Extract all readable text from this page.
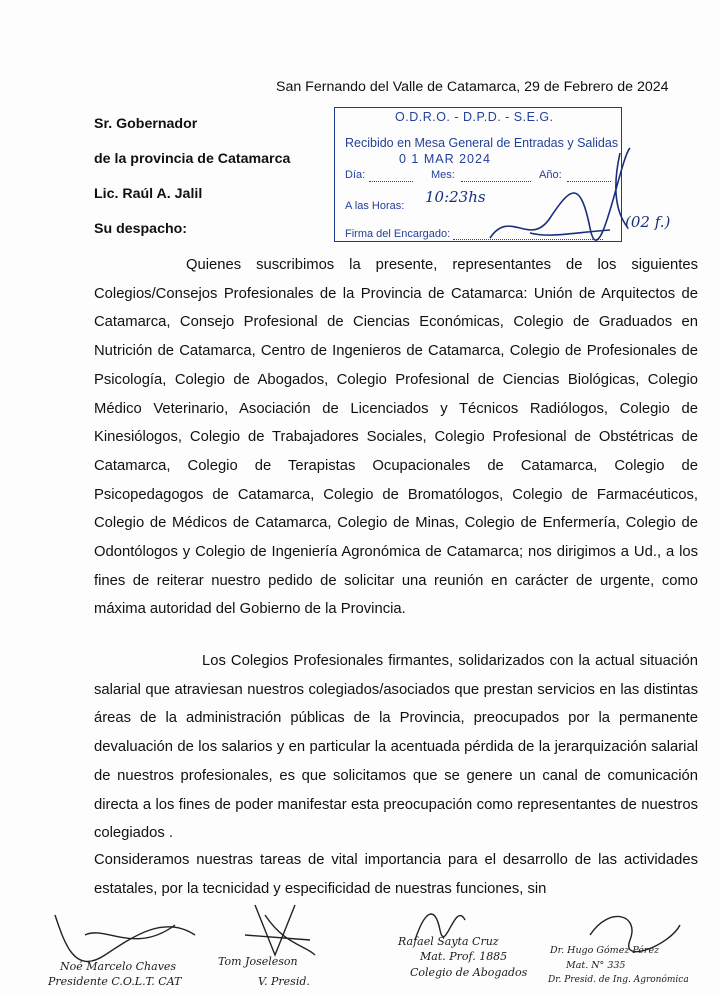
San Fernando del Valle de Catamarca, 29 de Febrero de 2024
Sr. Gobernador
de la provincia de Catamarca
Lic. Raúl A. Jalil
Su despacho:
O.D.R.O. - D.P.D. - S.E.G.
Recibido en Mesa General de Entradas y Salidas
0 1 MAR 2024
Día:	Mes:	Año:
A las Horas: 10:23hs
Firma del Encargado:
(02 f.)
Quienes suscribimos la presente, representantes de los siguientes Colegios/Consejos Profesionales de la Provincia de Catamarca: Unión de Arquitectos de Catamarca, Consejo Profesional de Ciencias Económicas, Colegio de Graduados en Nutrición de Catamarca, Centro de Ingenieros de Catamarca, Colegio de Profesionales de Psicología, Colegio de Abogados, Colegio Profesional de Ciencias Biológicas, Colegio Médico Veterinario, Asociación de Licenciados y Técnicos Radiólogos, Colegio de Kinesiólogos, Colegio de Trabajadores Sociales, Colegio Profesional de Obstétricas de Catamarca, Colegio de Terapistas Ocupacionales de Catamarca, Colegio de Psicopedagogos de Catamarca, Colegio de Bromatólogos, Colegio de Farmacéuticos, Colegio de Médicos de Catamarca, Colegio de Minas, Colegio de Enfermería, Colegio de Odontólogos y Colegio de Ingeniería Agronómica de Catamarca; nos dirigimos a Ud., a los fines de reiterar nuestro pedido de solicitar una reunión en carácter de urgente, como máxima autoridad del Gobierno de la Provincia.
Los Colegios Profesionales firmantes, solidarizados con la actual situación salarial que atraviesan nuestros colegiados/asociados que prestan servicios en las distintas áreas de la administración públicas de la Provincia, preocupados por la permanente devaluación de los salarios y en particular la acentuada pérdida de la jerarquización salarial de nuestros profesionales, es que solicitamos que se genere un canal de comunicación directa a los fines de poder manifestar esta preocupación como representantes de nuestros colegiados .
Consideramos nuestras tareas de vital importancia para el desarrollo de las actividades estatales, por la tecnicidad y especificidad de nuestras funciones, sin
Noé Marcelo Chaves
Presidente C.O.L.T. CAT
Tom Joseleson
V. Presid.
Rafael Sayta Cruz
Mat. Prof. 1885
Colegio de Abogados
Dr. Hugo Gómez Pérez
Mat. N° 335
Dr. Presid. de Ing. Agronómica
